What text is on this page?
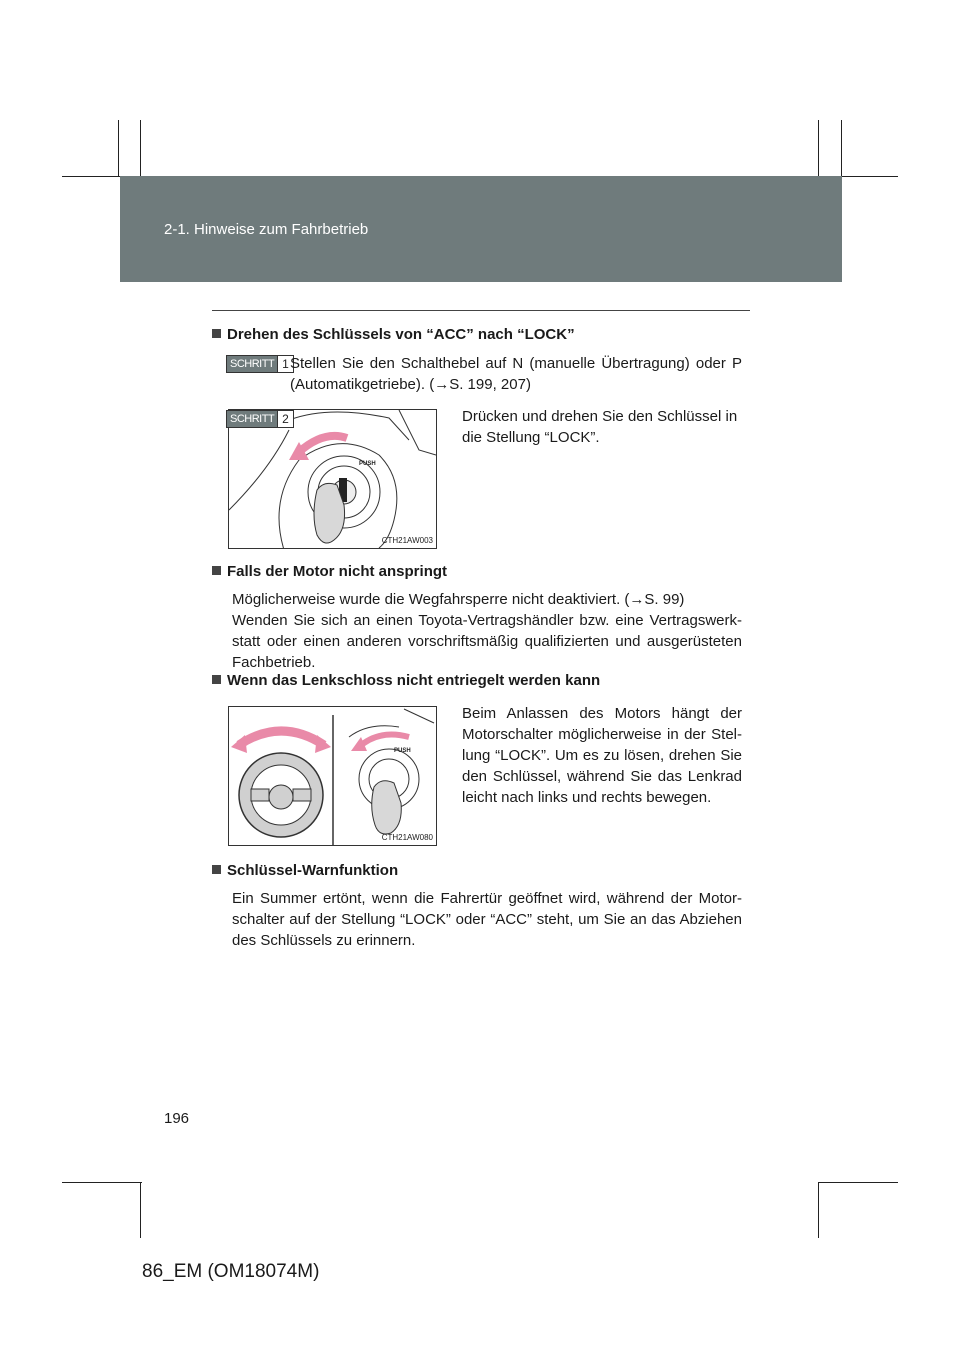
2-1. Hinweise zum Fahrbetrieb
Drehen des Schlüssels von “ACC” nach “LOCK”
SCHRITT 1 Stellen Sie den Schalthebel auf N (manuelle Übertragung) oder P
(Automatikgetriebe). (→S. 199, 207)
SCHRITT 2
PUSH
CTH21AW003
Drücken und drehen Sie den Schlüssel in
die Stellung “LOCK”.
Falls der Motor nicht anspringt
Möglicherweise wurde die Wegfahrsperre nicht deaktiviert. (→S. 99)
Wenden Sie sich an einen Toyota-Vertragshändler bzw. eine Vertragswerk-
statt oder einen anderen vorschriftsmäßig qualifizierten und ausgerüsteten
Fachbetrieb.
Wenn das Lenkschloss nicht entriegelt werden kann
PUSH
CTH21AW080
Beim Anlassen des Motors hängt der
Motorschalter möglicherweise in der Stel-
lung “LOCK”. Um es zu lösen, drehen Sie
den Schlüssel, während Sie das Lenkrad
leicht nach links und rechts bewegen.
Schlüssel-Warnfunktion
Ein Summer ertönt, wenn die Fahrertür geöffnet wird, während der Motor-
schalter auf der Stellung “LOCK” oder “ACC” steht, um Sie an das Abziehen
des Schlüssels zu erinnern.
196
86_EM (OM18074M)
